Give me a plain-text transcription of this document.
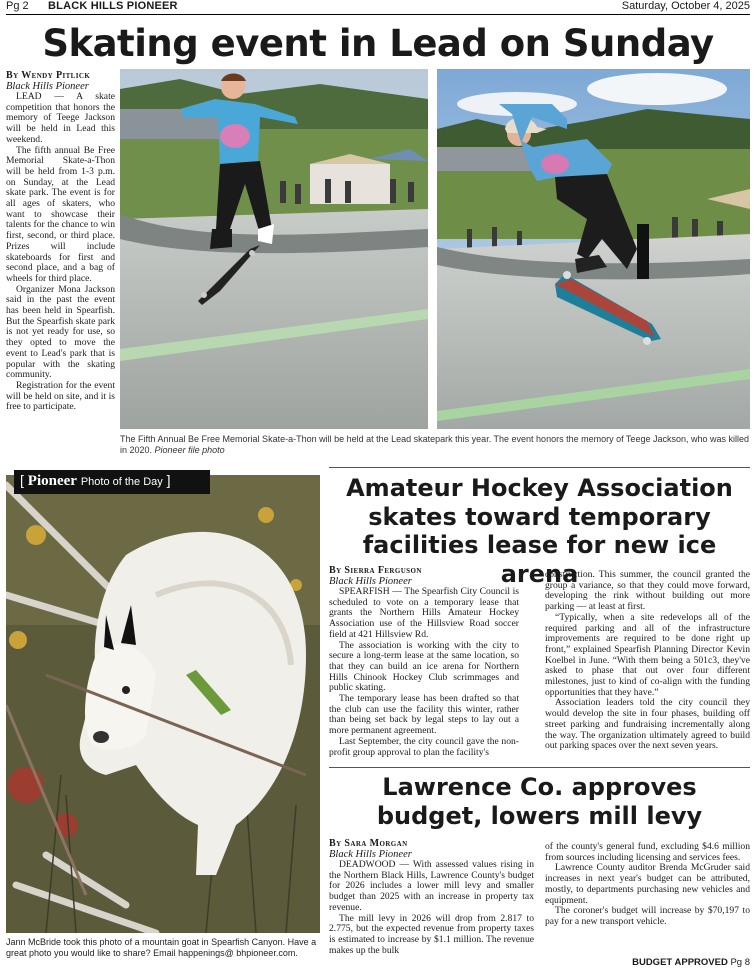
Pg 2 BLACK HILLS PIONEER	Saturday, October 4, 2025
Skating event in Lead on Sunday
By Wendy Pitlick
Black Hills Pioneer

LEAD — A skate competition that honors the memory of Teege Jackson will be held in Lead this weekend.

The fifth annual Be Free Memorial Skate-a-Thon will be held from 1-3 p.m. on Sunday, at the Lead skate park. The event is for all ages of skaters, who want to showcase their talents for the chance to win first, second, or third place. Prizes will include skateboards for first and second place, and a bag of wheels for third place.

Organizer Mona Jackson said in the past the event has been held in Spearfish. But the Spearfish skate park is not yet ready for use, so they opted to move the event to Lead's park that is popular with the skating community.

Registration for the event will be held on site, and it is free to participate.

The Fifth Annual Be Free Memorial Skate-a-Thon will be held at the Lead skatepark this year. The event honors the memory of Teege Jackson, who was killed in 2020. Pioneer file photo
[ Pioneer Photo of the Day ]
Jann McBride took this photo of a mountain goat in Spearfish Canyon. Have a great photo you would like to share? Email happenings@ bhpioneer.com.
Amateur Hockey Association skates toward temporary facilities lease for new ice arena
By Sierra Ferguson
Black Hills Pioneer

SPEARFISH — The Spearfish City Council is scheduled to vote on a temporary lease that grants the Northern Hills Amateur Hockey Association use of the Hillsview Road soccer field at 421 Hillsview Rd.

The association is working with the city to secure a long-term lease at the same location, so that they can build an ice arena for Northern Hills Chinook Hockey Club scrimmages and public skating.

The temporary lease has been drafted so that the club can use the facility this winter, rather than being set back by legal steps to lay out a more permanent agreement.

Last September, the city council gave the non-profit group approval to plan the facility's

construction. This summer, the council granted the group a variance, so that they could move forward, developing the rink without building out more parking — at least at first.

“Typically, when a site redevelops all of the required parking and all of the infrastructure improvements are required to be done right up front,” explained Spearfish Planning Director Kevin Koelbel in June. “With them being a 501c3, they've asked to phase that out over four different milestones, just to kind of co-align with the funding opportunities that they have.”

Association leaders told the city council they would develop the site in four phases, building off street parking and fundraising incrementally along the way. The organization ultimately agreed to build out parking spaces over the next seven years.

Lawrence Co. approves budget, lowers mill levy
By Sara Morgan
Black Hills Pioneer

DEADWOOD — With assessed values rising in the Northern Black Hills, Lawrence County's budget for 2026 includes a lower mill levy and smaller budget than 2025 with an increase in property tax revenue.

The mill levy in 2026 will drop from 2.817 to 2.775, but the expected revenue from property taxes is estimated to increase by $1.1 million. The revenue makes up the bulk

of the county's general fund, excluding $4.6 million from sources including licensing and services fees.

Lawrence County auditor Brenda McGruder said increases in next year's budget can be attributed, mostly, to departments purchasing new vehicles and equipment.

The coroner's budget will increase by $70,197 to pay for a new transport vehicle.

BUDGET APPROVED Pg 8
